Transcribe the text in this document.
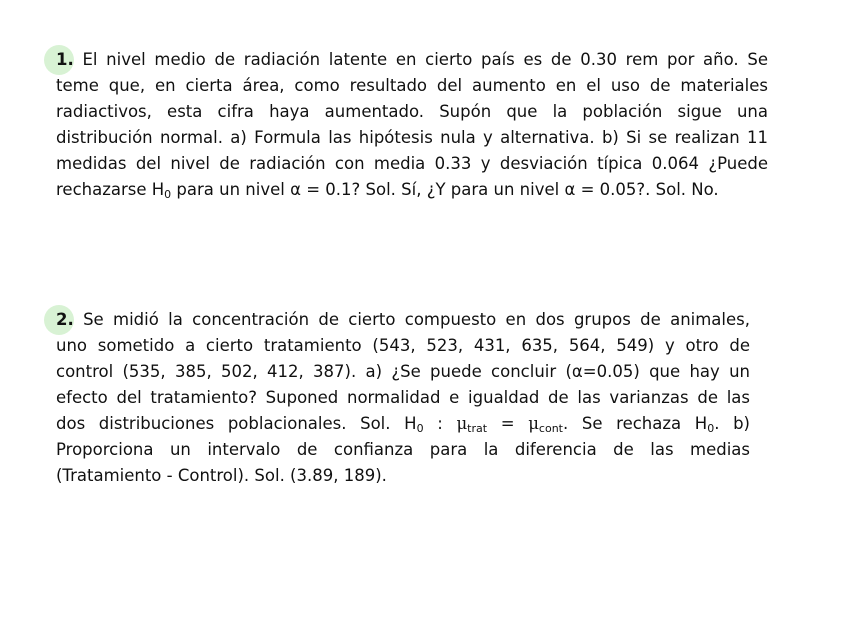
1. El nivel medio de radiación latente en cierto país es de 0.30 rem por año. Se
teme que, en cierta área, como resultado del aumento en el uso de materiales
radiactivos, esta cifra haya aumentado. Supón que la población sigue una
distribución normal. a) Formula las hipótesis nula y alternativa. b) Si se realizan 11
medidas del nivel de radiación con media 0.33 y desviación típica 0.064 ¿Puede
rechazarse $H_0$ para un nivel α = 0.1? Sol. Sí, ¿Y para un nivel α = 0.05?. Sol. No.
2. Se midió la concentración de cierto compuesto en dos grupos de animales,
uno sometido a cierto tratamiento (543, 523, 431, 635, 564, 549) y otro de
control (535, 385, 502, 412, 387). a) ¿Se puede concluir (α=0.05) que hay un
efecto del tratamiento? Suponed normalidad e igualdad de las varianzas de las
dos distribuciones poblacionales. Sol. $H_0$ : $\mu_{trat} = \mu_{cont}$. Se rechaza $H_0$. b)
Proporciona un intervalo de confianza para la diferencia de las medias
(Tratamiento - Control). Sol. (3.89, 189).
